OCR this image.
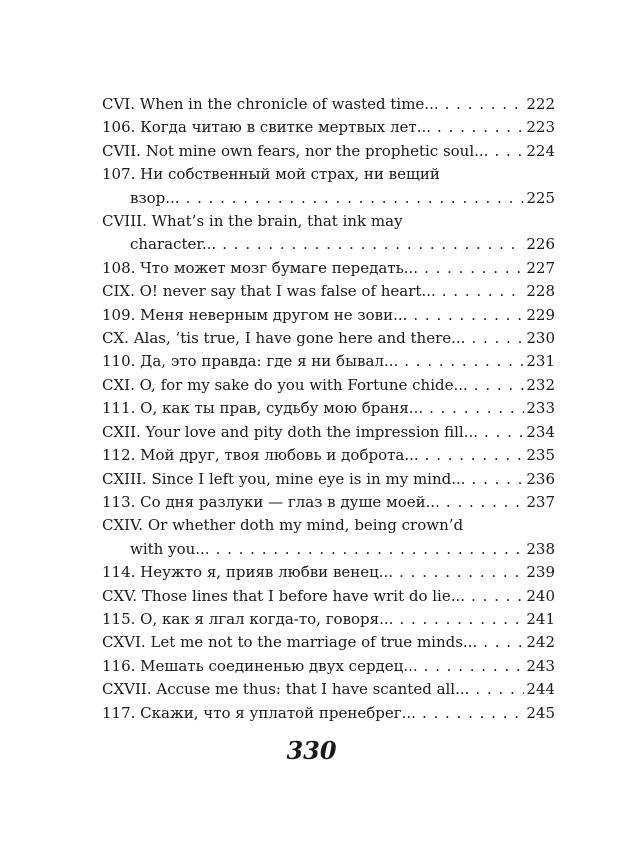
CVI. When in the chronicle of wasted time... . . .	222
106. Когда читаю в свитке мертвых лет... . . .	223
CVII. Not mine own fears, nor the prophetic soul... . . .	224
107. Ни собственный мой страх, ни вещий
взор... . . .	225
CVIII. What’s in the brain, that ink may
character... . . .	226
108. Что может мозг бумаге передать... . . .	227
CIX. O! never say that I was false of heart... . . .	228
109. Меня неверным другом не зови... . . .	229
CX. Alas, ’tis true, I have gone here and there... . . .	230
110. Да, это правда: где я ни бывал... . . .	231
CXI. O, for my sake do you with Fortune chide... . . .	232
111. О, как ты прав, судьбу мою браня... . . .	233
CXII. Your love and pity doth the impression fill... . . .	234
112. Мой друг, твоя любовь и доброта... . . .	235
CXIII. Since I left you, mine eye is in my mind... . . .	236
113. Со дня разлуки — глаз в душе моей... . . .	237
CXIV. Or whether doth my mind, being crown’d
with you... . . .	238
114. Неужто я, прияв любви венец... . . .	239
CXV. Those lines that I before have writ do lie... . . .	240
115. О, как я лгал когда-то, говоря... . . .	241
CXVI. Let me not to the marriage of true minds... . . .	242
116. Мешать соединенью двух сердец... . . .	243
CXVII. Accuse me thus: that I have scanted all... . . .	244
117. Скажи, что я уплатой пренебрег... . . .	245
330
